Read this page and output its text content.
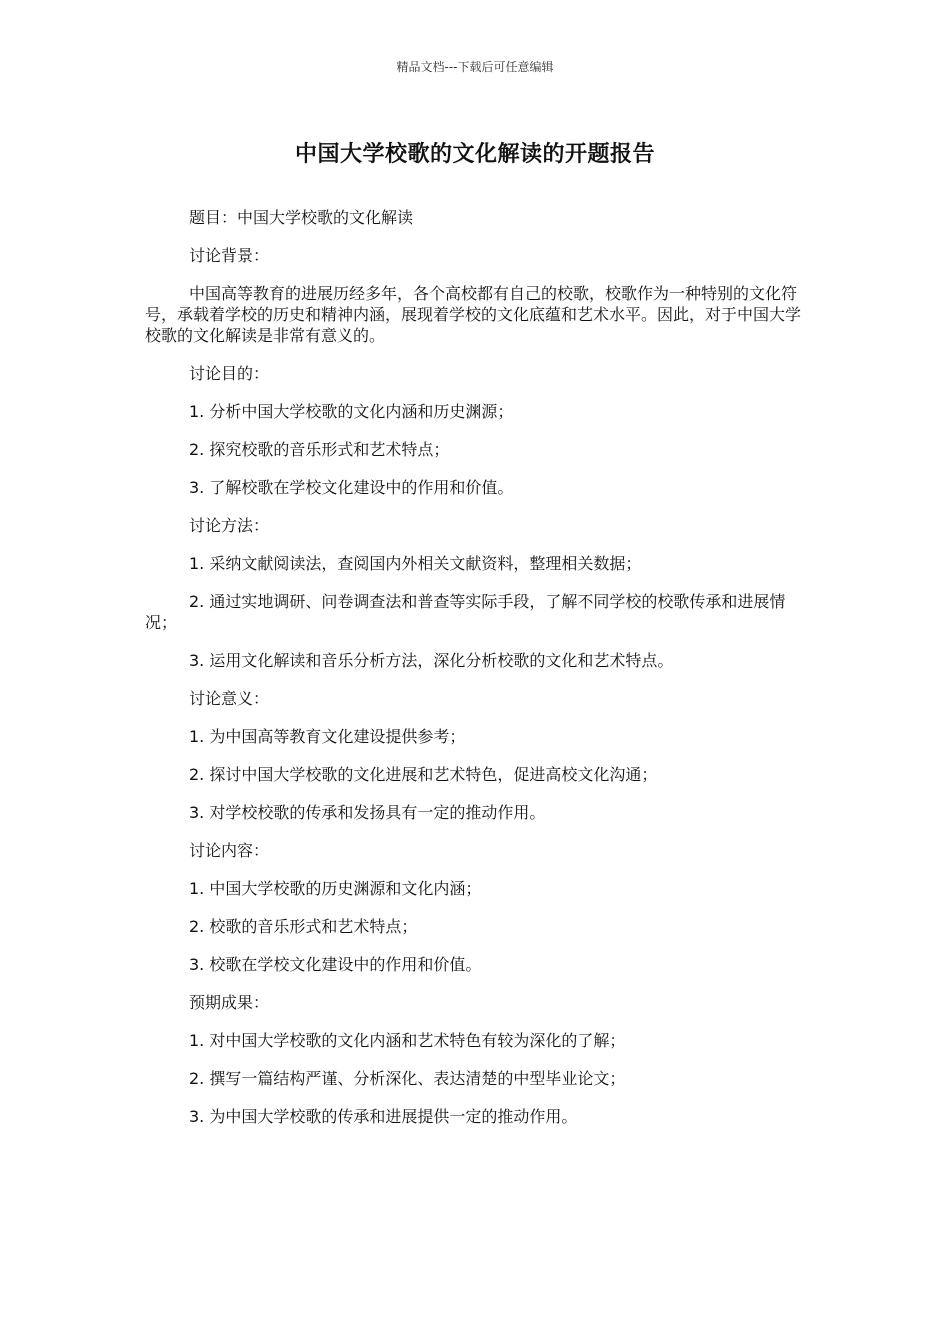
精品文档---下载后可任意编辑
中国大学校歌的文化解读的开题报告

题目：中国大学校歌的文化解读

讨论背景：

中国高等教育的进展历经多年，各个高校都有自己的校歌，校歌作为一种特别的文化符号，承载着学校的历史和精神内涵，展现着学校的文化底蕴和艺术水平。因此，对于中国大学校歌的文化解读是非常有意义的。

讨论目的：

1. 分析中国大学校歌的文化内涵和历史渊源；

2. 探究校歌的音乐形式和艺术特点；

3. 了解校歌在学校文化建设中的作用和价值。

讨论方法：

1. 采纳文献阅读法，查阅国内外相关文献资料，整理相关数据；

2. 通过实地调研、问卷调查法和普查等实际手段，了解不同学校的校歌传承和进展情况；

3. 运用文化解读和音乐分析方法，深化分析校歌的文化和艺术特点。

讨论意义：

1. 为中国高等教育文化建设提供参考；

2. 探讨中国大学校歌的文化进展和艺术特色，促进高校文化沟通；

3. 对学校校歌的传承和发扬具有一定的推动作用。

讨论内容：

1. 中国大学校歌的历史渊源和文化内涵；

2. 校歌的音乐形式和艺术特点；

3. 校歌在学校文化建设中的作用和价值。

预期成果：

1. 对中国大学校歌的文化内涵和艺术特色有较为深化的了解；

2. 撰写一篇结构严谨、分析深化、表达清楚的中型毕业论文；

3. 为中国大学校歌的传承和进展提供一定的推动作用。
